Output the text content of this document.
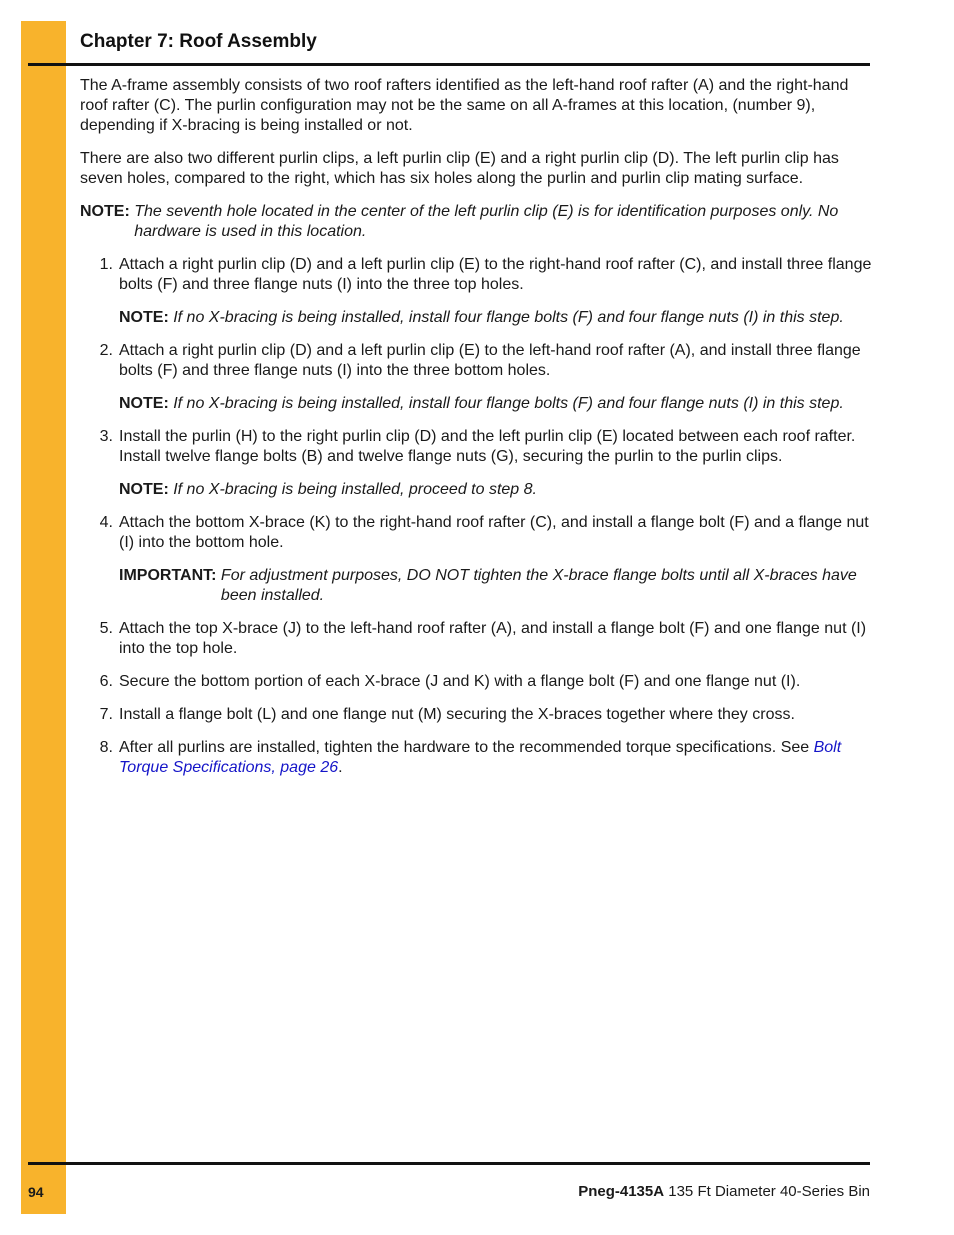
Chapter 7: Roof Assembly

The A-frame assembly consists of two roof rafters identified as the left-hand roof rafter (A) and the right-hand roof rafter (C). The purlin configuration may not be the same on all A-frames at this location, (number 9), depending if X-bracing is being installed or not.

There are also two different purlin clips, a left purlin clip (E) and a right purlin clip (D). The left purlin clip has seven holes, compared to the right, which has six holes along the purlin and purlin clip mating surface.

NOTE: The seventh hole located in the center of the left purlin clip (E) is for identification purposes only. No hardware is used in this location.
1. Attach a right purlin clip (D) and a left purlin clip (E) to the right-hand roof rafter (C), and install three flange bolts (F) and three flange nuts (I) into the three top holes.
NOTE: If no X-bracing is being installed, install four flange bolts (F) and four flange nuts (I) in this step.
2. Attach a right purlin clip (D) and a left purlin clip (E) to the left-hand roof rafter (A), and install three flange bolts (F) and three flange nuts (I) into the three bottom holes.
NOTE: If no X-bracing is being installed, install four flange bolts (F) and four flange nuts (I) in this step.
3. Install the purlin (H) to the right purlin clip (D) and the left purlin clip (E) located between each roof rafter. Install twelve flange bolts (B) and twelve flange nuts (G), securing the purlin to the purlin clips.
NOTE: If no X-bracing is being installed, proceed to step 8.
4. Attach the bottom X-brace (K) to the right-hand roof rafter (C), and install a flange bolt (F) and a flange nut (I) into the bottom hole.
IMPORTANT: For adjustment purposes, DO NOT tighten the X-brace flange bolts until all X-braces have been installed.
5. Attach the top X-brace (J) to the left-hand roof rafter (A), and install a flange bolt (F) and one flange nut (I) into the top hole.
6. Secure the bottom portion of each X-brace (J and K) with a flange bolt (F) and one flange nut (I).
7. Install a flange bolt (L) and one flange nut (M) securing the X-braces together where they cross.
8. After all purlins are installed, tighten the hardware to the recommended torque specifications. See Bolt Torque Specifications, page 26.
94	Pneg-4135A 135 Ft Diameter 40-Series Bin
